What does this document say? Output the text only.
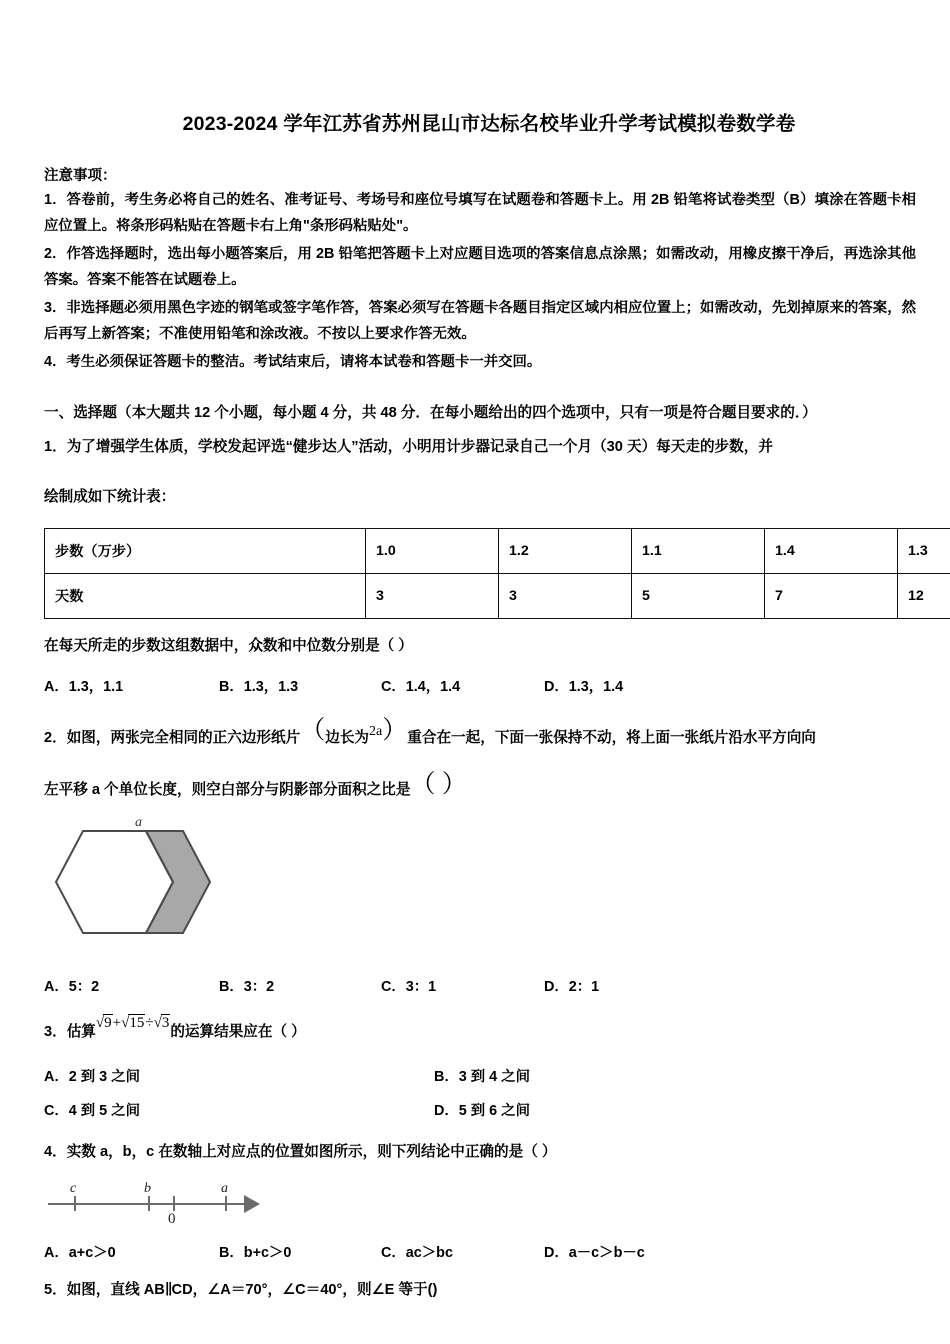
2023-2024 学年江苏省苏州昆山市达标名校毕业升学考试模拟卷数学卷
注意事项：
1．答卷前，考生务必将自己的姓名、准考证号、考场号和座位号填写在试题卷和答题卡上。用 2B 铅笔将试卷类型（B）填涂在答题卡相应位置上。将条形码粘贴在答题卡右上角"条形码粘贴处"。
2．作答选择题时，选出每小题答案后，用 2B 铅笔把答题卡上对应题目选项的答案信息点涂黑；如需改动，用橡皮擦干净后，再选涂其他答案。答案不能答在试题卷上。
3．非选择题必须用黑色字迹的钢笔或签字笔作答，答案必须写在答题卡各题目指定区域内相应位置上；如需改动，先划掉原来的答案，然后再写上新答案；不准使用铅笔和涂改液。不按以上要求作答无效。
4．考生必须保证答题卡的整洁。考试结束后，请将本试卷和答题卡一并交回。
一、选择题（本大题共 12 个小题，每小题 4 分，共 48 分．在每小题给出的四个选项中，只有一项是符合题目要求的．）
1．为了增强学生体质，学校发起评选“健步达人”活动，小明用计步器记录自己一个月（30 天）每天走的步数，并
绘制成如下统计表：
步数（万步）	1.0	1.2	1.1	1.4	1.3
天数	3	3	5	7	12
在每天所走的步数这组数据中，众数和中位数分别是（ ）
A．1.3，1.1	B．1.3，1.3	C．1.4，1.4	D．1.3，1.4
2．如图，两张完全相同的正六边形纸片（边长为2a）重合在一起，下面一张保持不动，将上面一张纸片沿水平方向向
左平移 a 个单位长度，则空白部分与阴影部分面积之比是（ ）
a
A．5：2	B．3：2	C．3：1	D．2：1
3．估算√9+√15÷√3的运算结果应在（ ）
A．2 到 3 之间	B．3 到 4 之间
C．4 到 5 之间	D．5 到 6 之间
4．实数 a，b，c 在数轴上对应点的位置如图所示，则下列结论中正确的是（ ）
c	b	a
0
A．a+c＞0	B．b+c＞0	C．ac＞bc	D．a－c＞b－c
5．如图，直线 AB∥CD，∠A＝70°，∠C＝40°，则∠E 等于()
